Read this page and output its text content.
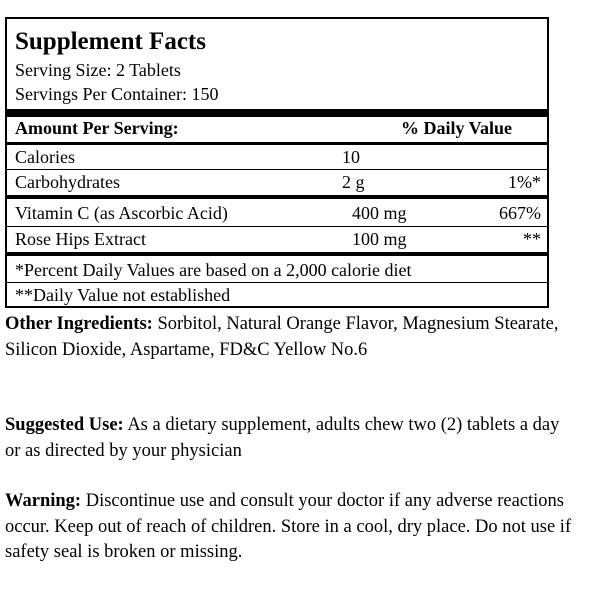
Supplement Facts
Serving Size: 2 Tablets
Servings Per Container: 150
Amount Per Serving:	% Daily Value
Calories	10
Carbohydrates	2 g	1%*
Vitamin C (as Ascorbic Acid)	400 mg	667%
Rose Hips Extract	100 mg	**
*Percent Daily Values are based on a 2,000 calorie diet
**Daily Value not established
Other Ingredients: Sorbitol, Natural Orange Flavor, Magnesium Stearate, Silicon Dioxide, Aspartame, FD&C Yellow No.6
Suggested Use: As a dietary supplement, adults chew two (2) tablets a day or as directed by your physician
Warning: Discontinue use and consult your doctor if any adverse reactions occur. Keep out of reach of children. Store in a cool, dry place. Do not use if safety seal is broken or missing.
